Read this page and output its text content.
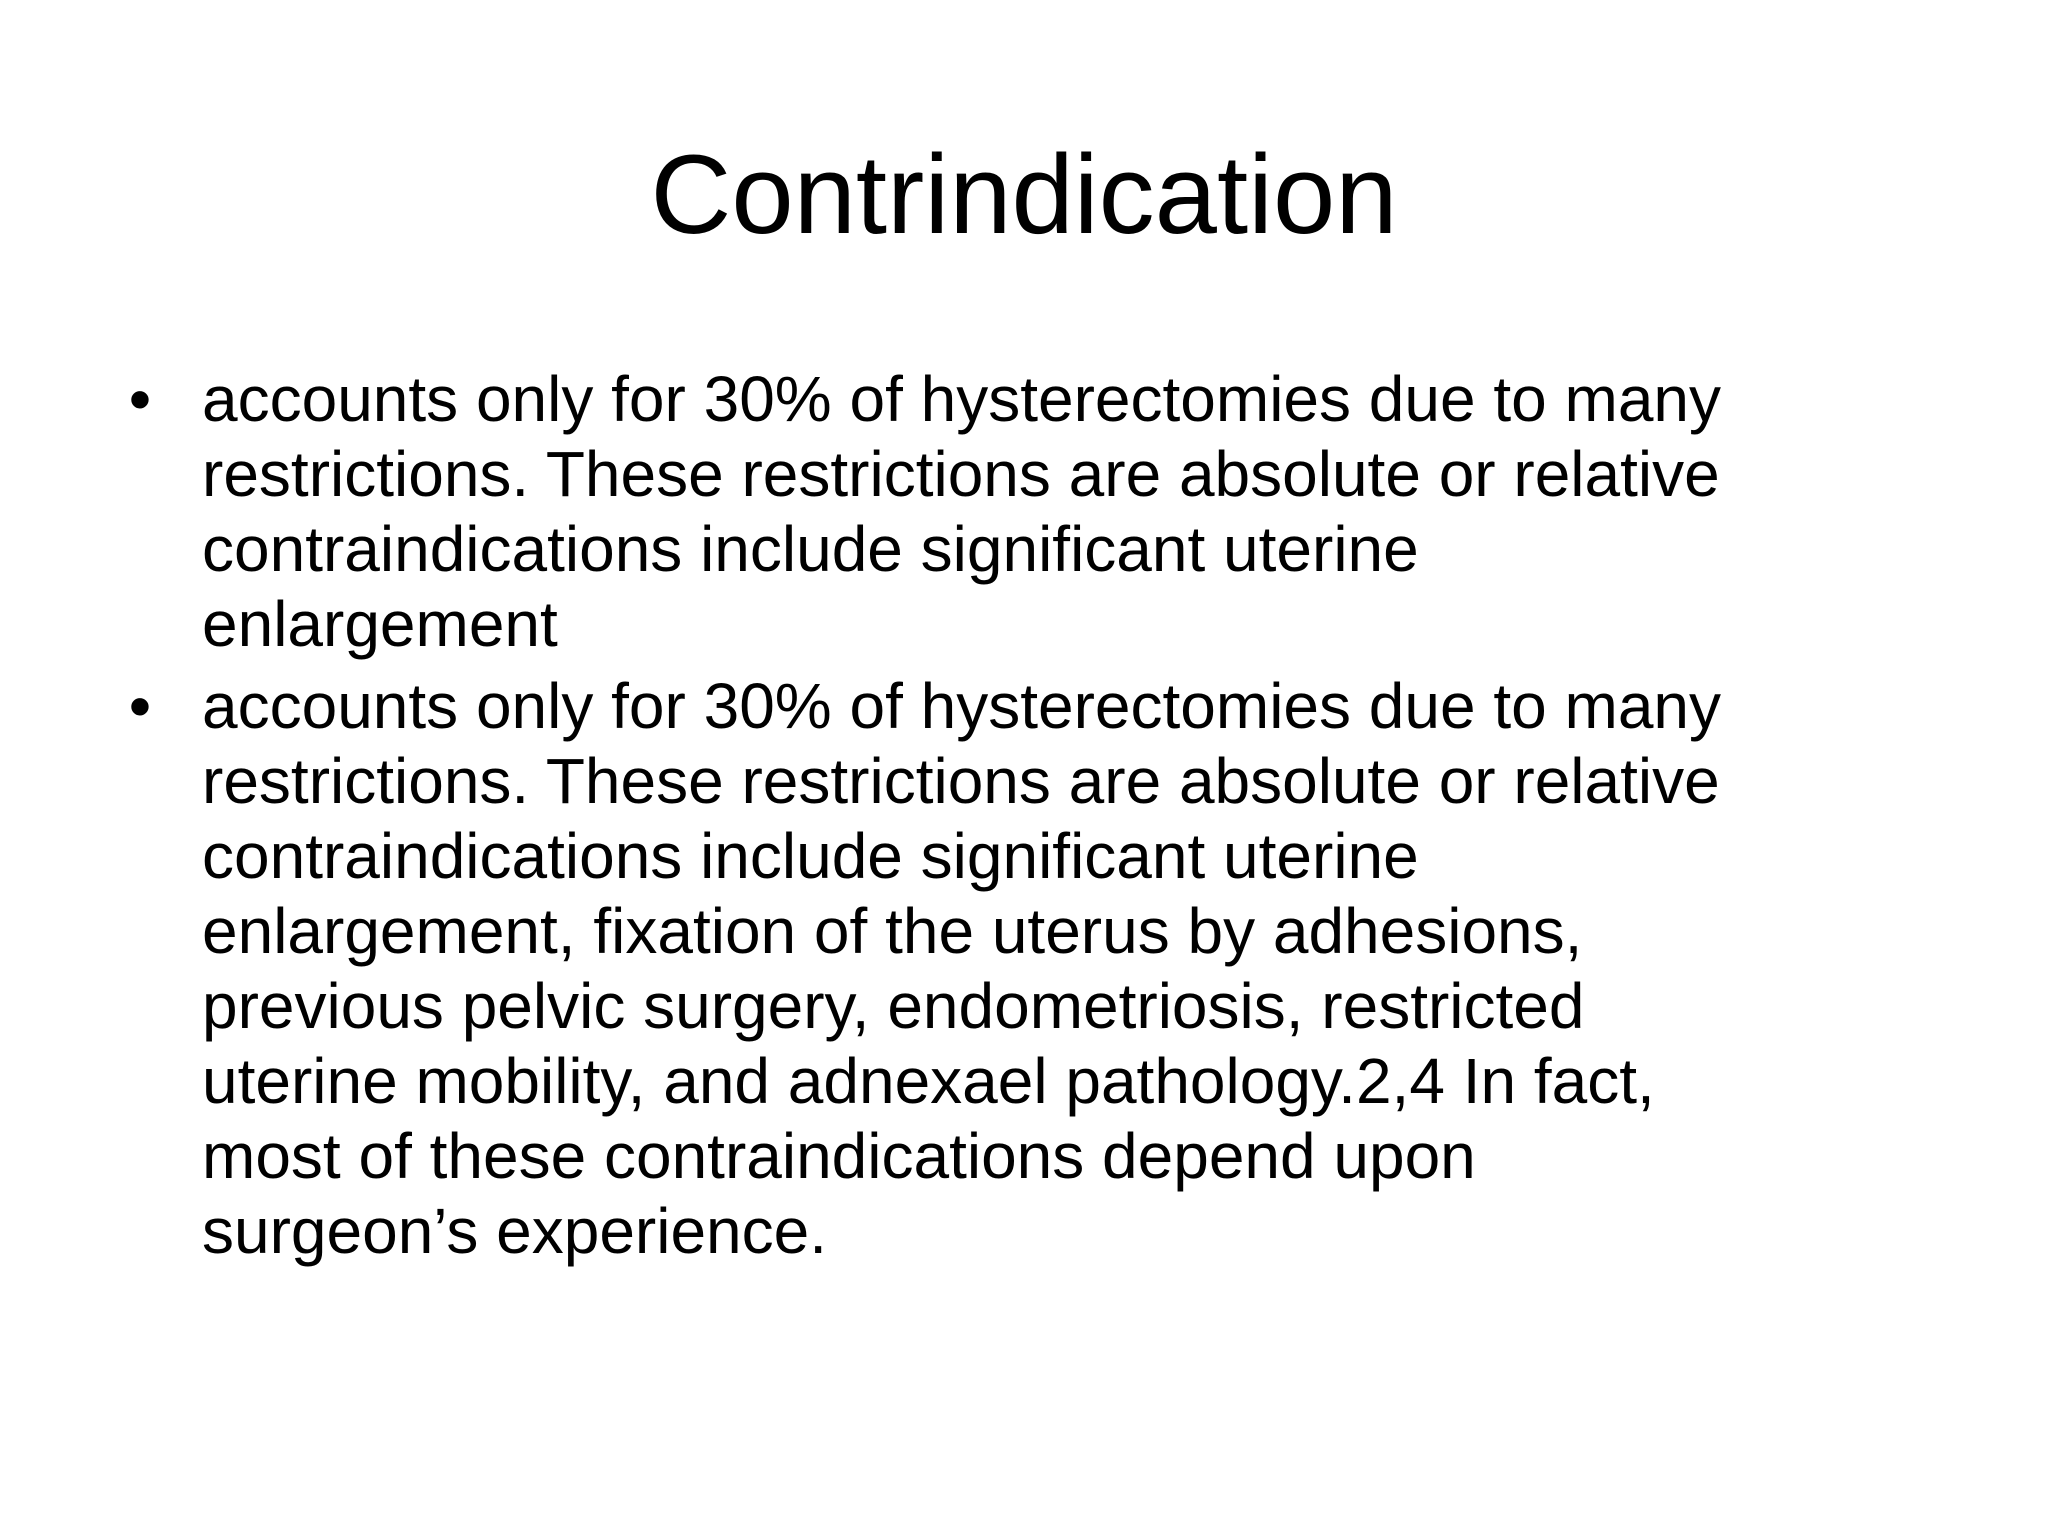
Contrindication
• accounts only for 30% of hysterectomies due to many
restrictions. These restrictions are absolute or relative
contraindications include significant uterine
enlargement
• accounts only for 30% of hysterectomies due to many
restrictions. These restrictions are absolute or relative
contraindications include significant uterine
enlargement, fixation of the uterus by adhesions,
previous pelvic surgery, endometriosis, restricted
uterine mobility, and adnexael pathology.2,4 In fact,
most of these contraindications depend upon
surgeon’s experience.
